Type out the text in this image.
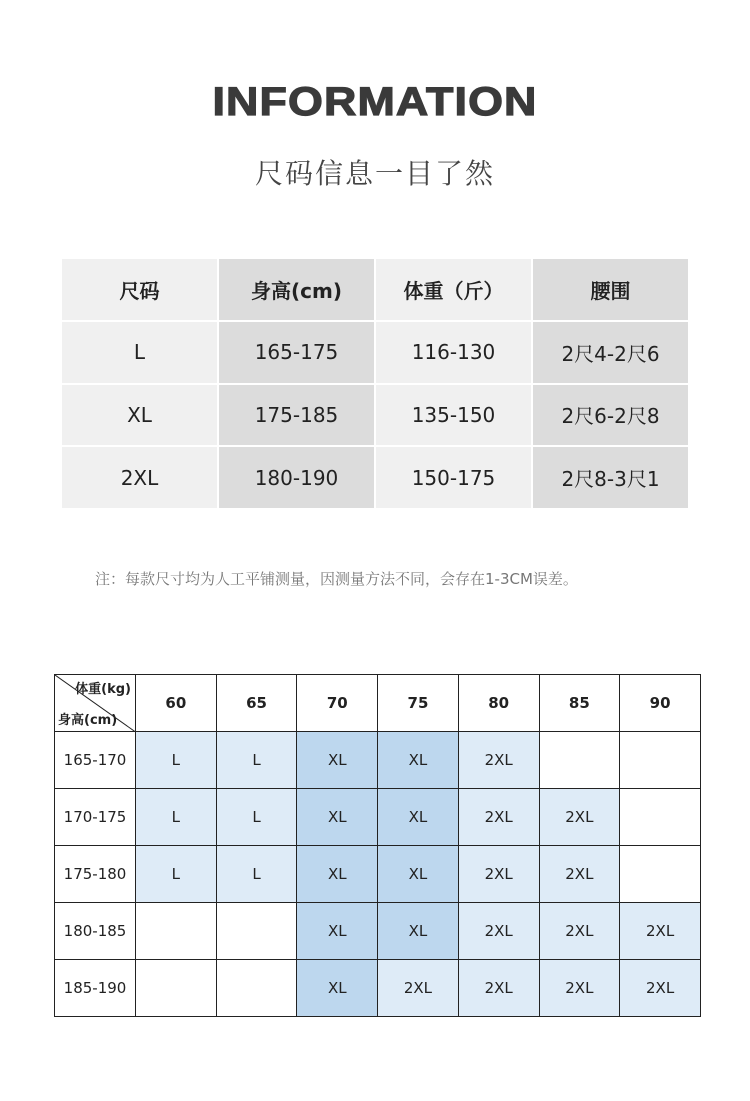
INFORMATION
尺码信息一目了然
尺码	身高(cm)	体重（斤）	腰围
L	165-175	116-130	2尺4-2尺6
XL	175-185	135-150	2尺6-2尺8
2XL	180-190	150-175	2尺8-3尺1
注：每款尺寸均为人工平铺测量，因测量方法不同，会存在1-3CM误差。
体重(kg)
身高(cm)	60	65	70	75	80	85	90
165-170	L	L	XL	XL	2XL		
170-175	L	L	XL	XL	2XL	2XL	
175-180	L	L	XL	XL	2XL	2XL	
180-185			XL	XL	2XL	2XL	2XL
185-190			XL	2XL	2XL	2XL	2XL
